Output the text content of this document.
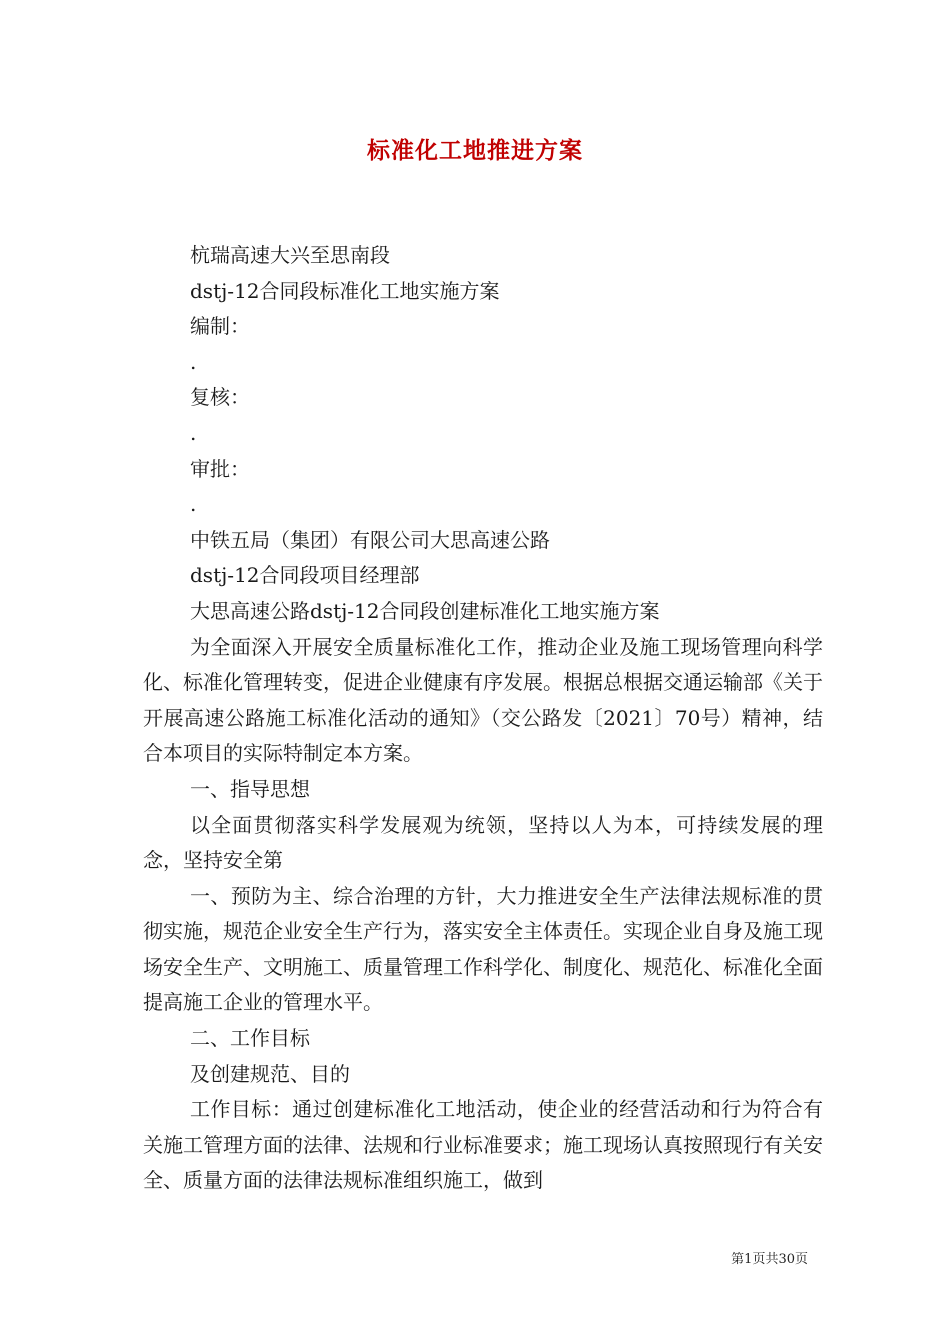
标准化工地推进方案

杭瑞高速大兴至思南段

dstj-12合同段标准化工地实施方案

编制：

.

复核：

.

审批：

.

中铁五局（集团）有限公司大思高速公路

dstj-12合同段项目经理部

大思高速公路dstj-12合同段创建标准化工地实施方案

为全面深入开展安全质量标准化工作，推动企业及施工现场管理向科学化、标准化管理转变，促进企业健康有序发展。根据总根据交通运输部《关于开展高速公路施工标准化活动的通知》（交公路发〔2021〕70号）精神，结合本项目的实际特制定本方案。

一、指导思想

以全面贯彻落实科学发展观为统领，坚持以人为本，可持续发展的理念，坚持安全第

一、预防为主、综合治理的方针，大力推进安全生产法律法规标准的贯彻实施，规范企业安全生产行为，落实安全主体责任。实现企业自身及施工现场安全生产、文明施工、质量管理工作科学化、制度化、规范化、标准化全面提高施工企业的管理水平。

二、工作目标

及创建规范、目的

工作目标：通过创建标准化工地活动，使企业的经营活动和行为符合有关施工管理方面的法律、法规和行业标准要求；施工现场认真按照现行有关安全、质量方面的法律法规标准组织施工，做到

第1页共30页
